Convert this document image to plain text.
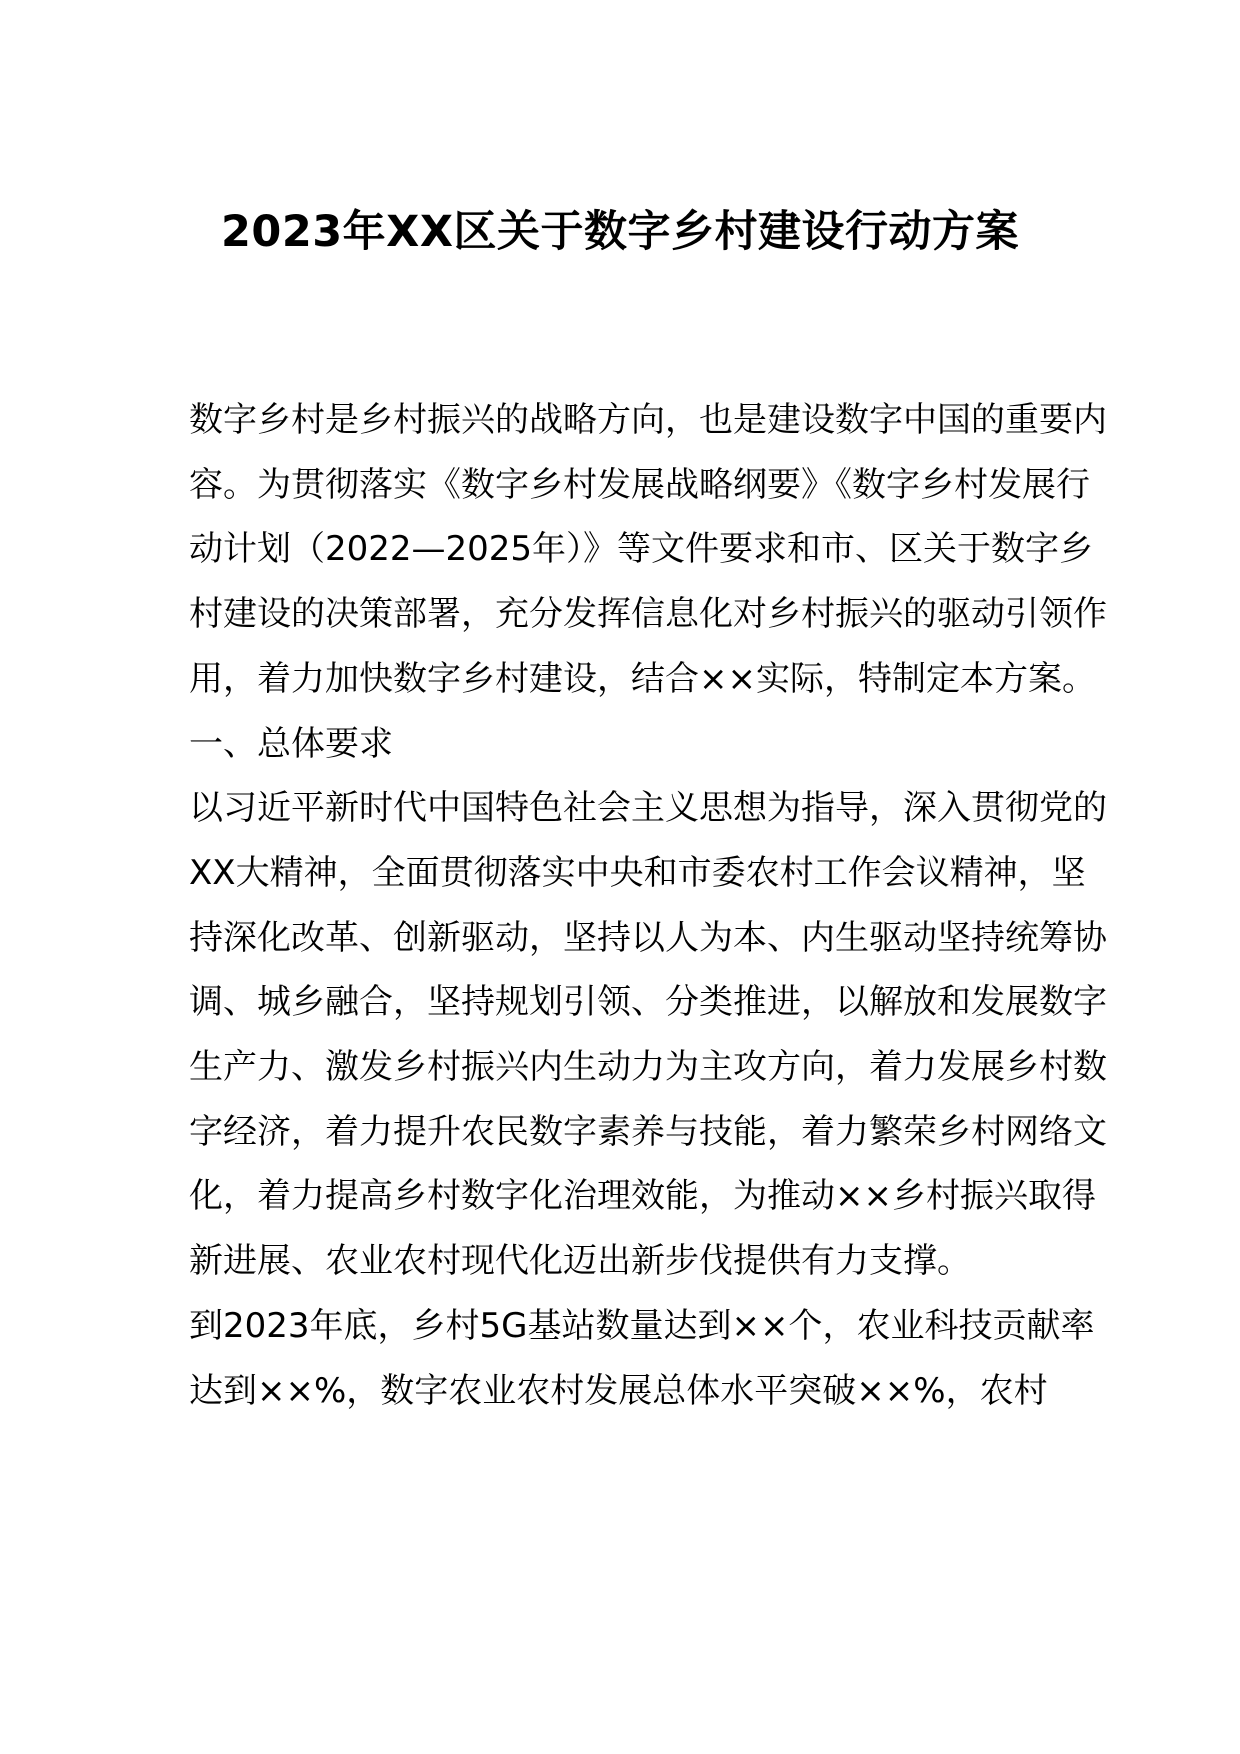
2023年XX区关于数字乡村建设行动方案

数字乡村是乡村振兴的战略方向，也是建设数字中国的重要内容。为贯彻落实《数字乡村发展战略纲要》《数字乡村发展行动计划（2022—2025年）》等文件要求和市、区关于数字乡村建设的决策部署，充分发挥信息化对乡村振兴的驱动引领作用，着力加快数字乡村建设，结合××实际，特制定本方案。

一、总体要求

以习近平新时代中国特色社会主义思想为指导，深入贯彻党的XX大精神，全面贯彻落实中央和市委农村工作会议精神，坚持深化改革、创新驱动，坚持以人为本、内生驱动坚持统筹协调、城乡融合，坚持规划引领、分类推进，以解放和发展数字生产力、激发乡村振兴内生动力为主攻方向，着力发展乡村数字经济，着力提升农民数字素养与技能，着力繁荣乡村网络文化，着力提高乡村数字化治理效能，为推动××乡村振兴取得新进展、农业农村现代化迈出新步伐提供有力支撑。

到2023年底，乡村5G基站数量达到××个，农业科技贡献率达到××%，数字农业农村发展总体水平突破××%，农村
